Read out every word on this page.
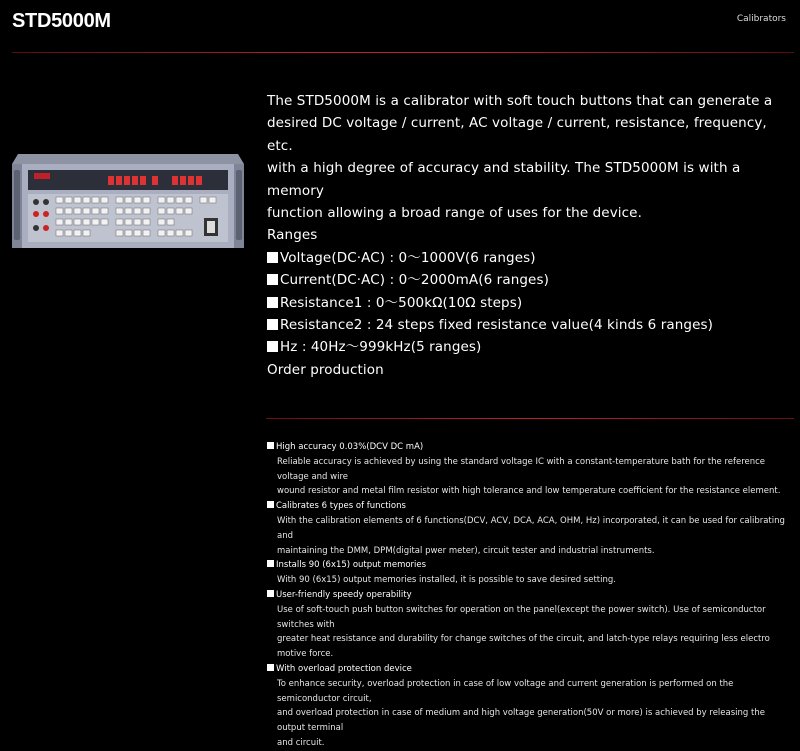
STD5000M	Calibrators

The STD5000M is a calibrator with soft touch buttons that can generate a

desired DC voltage / current, AC voltage / current, resistance, frequency, etc.

with a high degree of accuracy and stability. The STD5000M is with a memory

function allowing a broad range of uses for the device.

Ranges

Voltage(DC·AC) : 0～1000V(6 ranges)

Current(DC·AC) : 0～2000mA(6 ranges)

Resistance1 : 0～500kΩ(10Ω steps)

Resistance2 : 24 steps fixed resistance value(4 kinds 6 ranges)

Hz : 40Hz～999kHz(5 ranges)

Order production

High accuracy 0.03%(DCV DC mA)

Reliable accuracy is achieved by using the standard voltage IC with a constant-temperature bath for the reference voltage and wire

wound resistor and metal film resistor with high tolerance and low temperature coefficient for the resistance element.

Calibrates 6 types of functions

With the calibration elements of 6 functions(DCV, ACV, DCA, ACA, OHM, Hz) incorporated, it can be used for calibrating and

maintaining the DMM, DPM(digital pwer meter), circuit tester and industrial instruments.

Installs 90 (6x15) output memories

With 90 (6x15) output memories installed, it is possible to save desired setting.

User-friendly speedy operability

Use of soft-touch push button switches for operation on the panel(except the power switch). Use of semiconductor switches with

greater heat resistance and durability for change switches of the circuit, and latch-type relays requiring less electro motive force.

With overload protection device

To enhance security, overload protection in case of low voltage and current generation is performed on the semiconductor circuit,

and overload protection in case of medium and high voltage generation(50V or more) is achieved by releasing the output terminal

and circuit.
